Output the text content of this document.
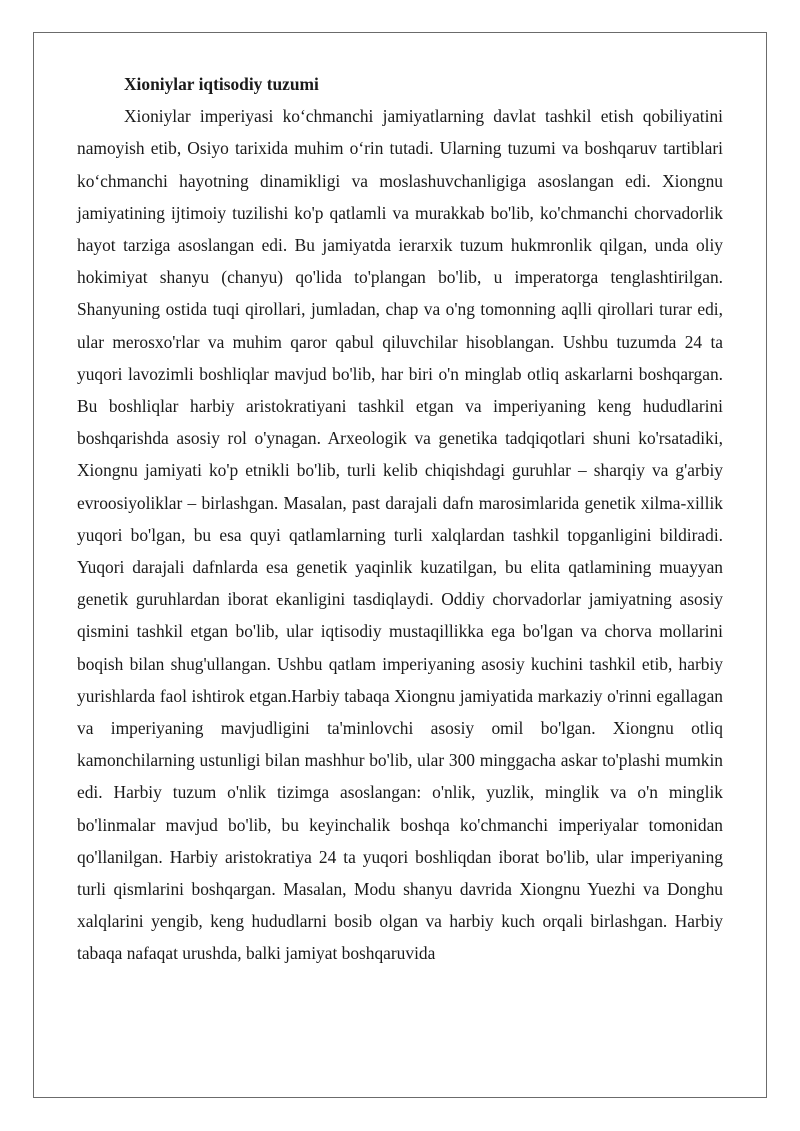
Xioniylar iqtisodiy tuzumi

Xioniylar imperiyasi ko‘chmanchi jamiyatlarning davlat tashkil etish qobiliyatini namoyish etib, Osiyo tarixida muhim o‘rin tutadi. Ularning tuzumi va boshqaruv tartiblari ko‘chmanchi hayotning dinamikligi va moslashuvchanligiga asoslangan edi. Xiongnu jamiyatining ijtimoiy tuzilishi ko'p qatlamli va murakkab bo'lib, ko'chmanchi chorvadorlik hayot tarziga asoslangan edi. Bu jamiyatda ierarxik tuzum hukmronlik qilgan, unda oliy hokimiyat shanyu (chanyu) qo'lida to'plangan bo'lib, u imperatorga tenglashtirilgan. Shanyuning ostida tuqi qirollari, jumladan, chap va o'ng tomonning aqlli qirollari turar edi, ular merosxo'rlar va muhim qaror qabul qiluvchilar hisoblangan. Ushbu tuzumda 24 ta yuqori lavozimli boshliqlar mavjud bo'lib, har biri o'n minglab otliq askarlarni boshqargan. Bu boshliqlar harbiy aristokratiyani tashkil etgan va imperiyaning keng hududlarini boshqarishda asosiy rol o'ynagan. Arxeologik va genetika tadqiqotlari shuni ko'rsatadiki, Xiongnu jamiyati ko'p etnikli bo'lib, turli kelib chiqishdagi guruhlar – sharqiy va g'arbiy evroosiyoliklar – birlashgan. Masalan, past darajali dafn marosimlarida genetik xilma-xillik yuqori bo'lgan, bu esa quyi qatlamlarning turli xalqlardan tashkil topganligini bildiradi. Yuqori darajali dafnlarda esa genetik yaqinlik kuzatilgan, bu elita qatlamining muayyan genetik guruhlardan iborat ekanligini tasdiqlaydi. Oddiy chorvadorlar jamiyatning asosiy qismini tashkil etgan bo'lib, ular iqtisodiy mustaqillikka ega bo'lgan va chorva mollarini boqish bilan shug'ullangan. Ushbu qatlam imperiyaning asosiy kuchini tashkil etib, harbiy yurishlarda faol ishtirok etgan.Harbiy tabaqa Xiongnu jamiyatida markaziy o'rinni egallagan va imperiyaning mavjudligini ta'minlovchi asosiy omil bo'lgan. Xiongnu otliq kamonchilarning ustunligi bilan mashhur bo'lib, ular 300 minggacha askar to'plashi mumkin edi. Harbiy tuzum o'nlik tizimga asoslangan: o'nlik, yuzlik, minglik va o'n minglik bo'linmalar mavjud bo'lib, bu keyinchalik boshqa ko'chmanchi imperiyalar tomonidan qo'llanilgan. Harbiy aristokratiya 24 ta yuqori boshliqdan iborat bo'lib, ular imperiyaning turli qismlarini boshqargan. Masalan, Modu shanyu davrida Xiongnu Yuezhi va Donghu xalqlarini yengib, keng hududlarni bosib olgan va harbiy kuch orqali birlashgan. Harbiy tabaqa nafaqat urushda, balki jamiyat boshqaruvida
